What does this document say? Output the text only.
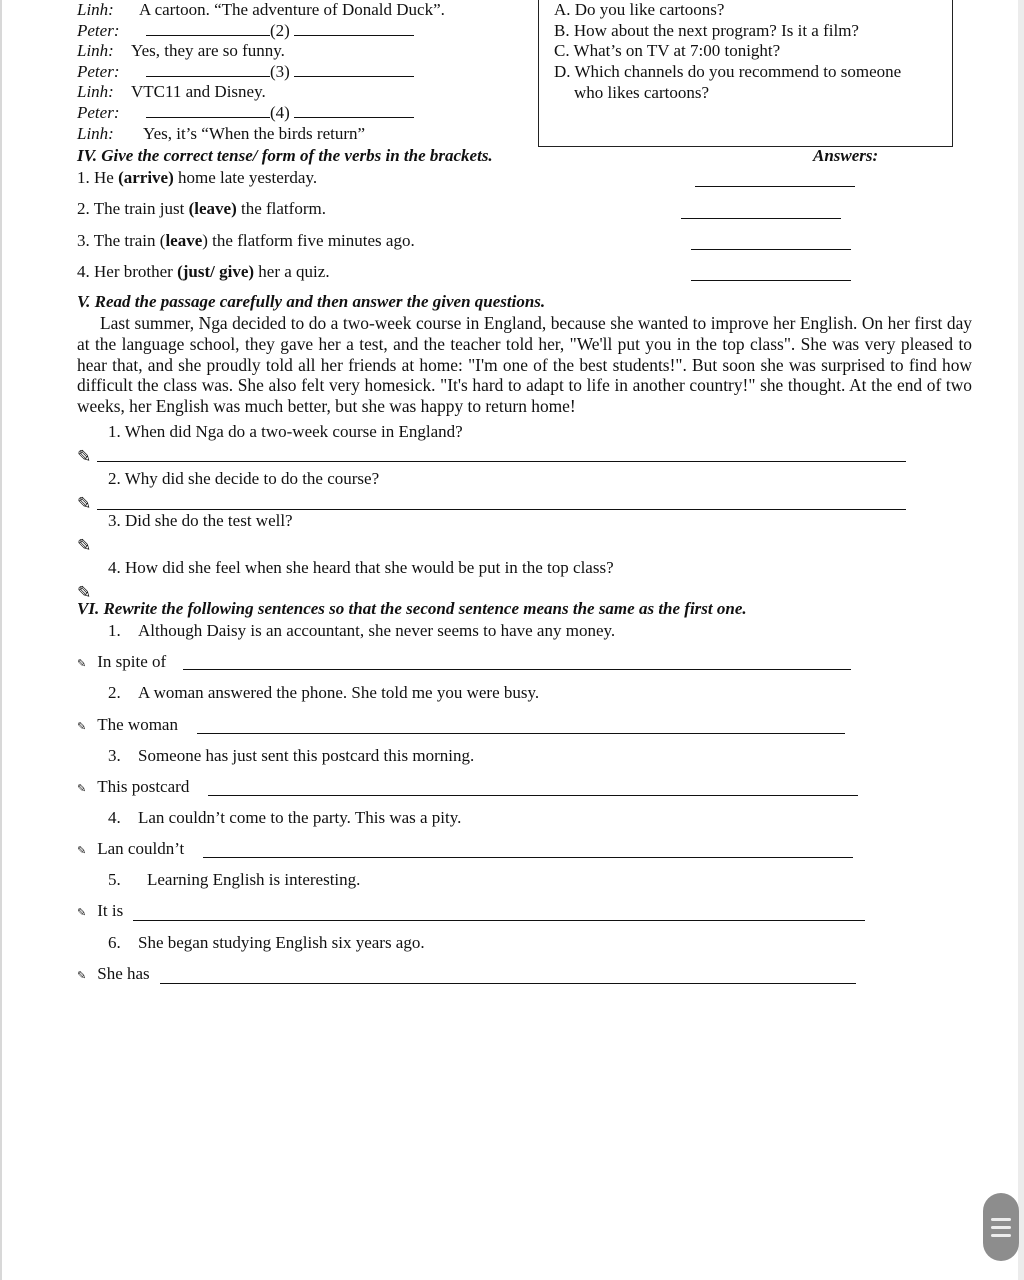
Linh: A cartoon. “The adventure of Donald Duck”.
Peter:	(2)
Linh: Yes, they are so funny.
Peter:	(3)
Linh: VTC11 and Disney.
Peter:	(4)
Linh: Yes, it’s “When the birds return”
A. Do you like cartoons?
B. How about the next program? Is it a film?
C. What’s on TV at 7:00 tonight?
D. Which channels do you recommend to someone
who likes cartoons?
IV. Give the correct tense/ form of the verbs in the brackets.	Answers:
1. He (arrive) home late yesterday.
2. The train just (leave) the flatform.
3. The train (leave) the flatform five minutes ago.
4. Her brother (just/ give) her a quiz.
V. Read the passage carefully and then answer the given questions.
Last summer, Nga decided to do a two-week course in England, because she wanted to improve her English. On her first day at the language school, they gave her a test, and the teacher told her, "We'll put you in the top class". She was very pleased to hear that, and she proudly told all her friends at home: "I'm one of the best students!". But soon she was surprised to find how difficult the class was. She also felt very homesick. "It's hard to adapt to life in another country!" she thought. At the end of two weeks, her English was much better, but she was happy to return home!
1. When did Nga do a two-week course in England?
✎
2. Why did she decide to do the course?
✎
3. Did she do the test well?
✎
4. How did she feel when she heard that she would be put in the top class?
✎
VI. Rewrite the following sentences so that the second sentence means the same as the first one.
1. Although Daisy is an accountant, she never seems to have any money.
✎ In spite of
2. A woman answered the phone. She told me you were busy.
✎ The woman
3. Someone has just sent this postcard this morning.
✎ This postcard
4. Lan couldn’t come to the party. This was a pity.
✎ Lan couldn’t
5. Learning English is interesting.
✎ It is
6. She began studying English six years ago.
✎ She has
